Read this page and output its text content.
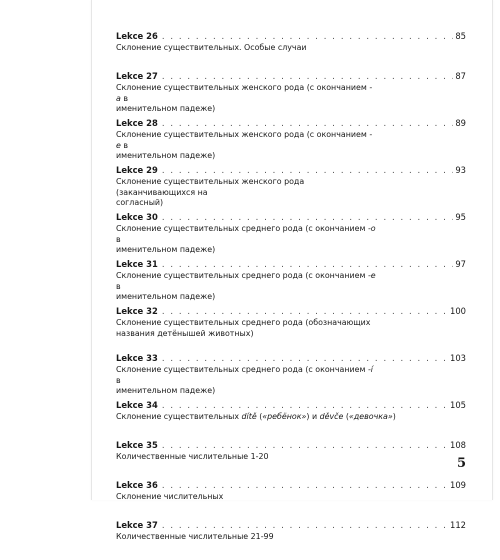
Lekce 26 . . .	85
Склонение существительных. Особые случаи
Lekce 27 . . .	87
Склонение существительных женского рода (с окончанием -a в
именительном падеже)
Lekce 28 . . .	89
Склонение существительных женского рода (с окончанием -e в
именительном падеже)
Lekce 29 . . .	93
Склонение существительных женского рода (заканчивающихся на
согласный)
Lekce 30 . . .	95
Склонение существительных среднего рода (с окончанием -o в
именительном падеже)
Lekce 31 . . .	97
Склонение существительных среднего рода (с окончанием -e в
именительном падеже)
Lekce 32 . . .	100
Склонение существительных среднего рода (обозначающих
названия детёнышей животных)
Lekce 33 . . .	103
Склонение существительных среднего рода (с окончанием -í в
именительном падеже)
Lekce 34 . . .	105
Склонение существительных dítě («ребёнок») и děvče («девочка»)
Lekce 35 . . .	108
Количественные числительные 1-20
Lekce 36 . . .	109
Склонение числительных
Lekce 37 . . .	112
Количественные числительные 21-99
5
